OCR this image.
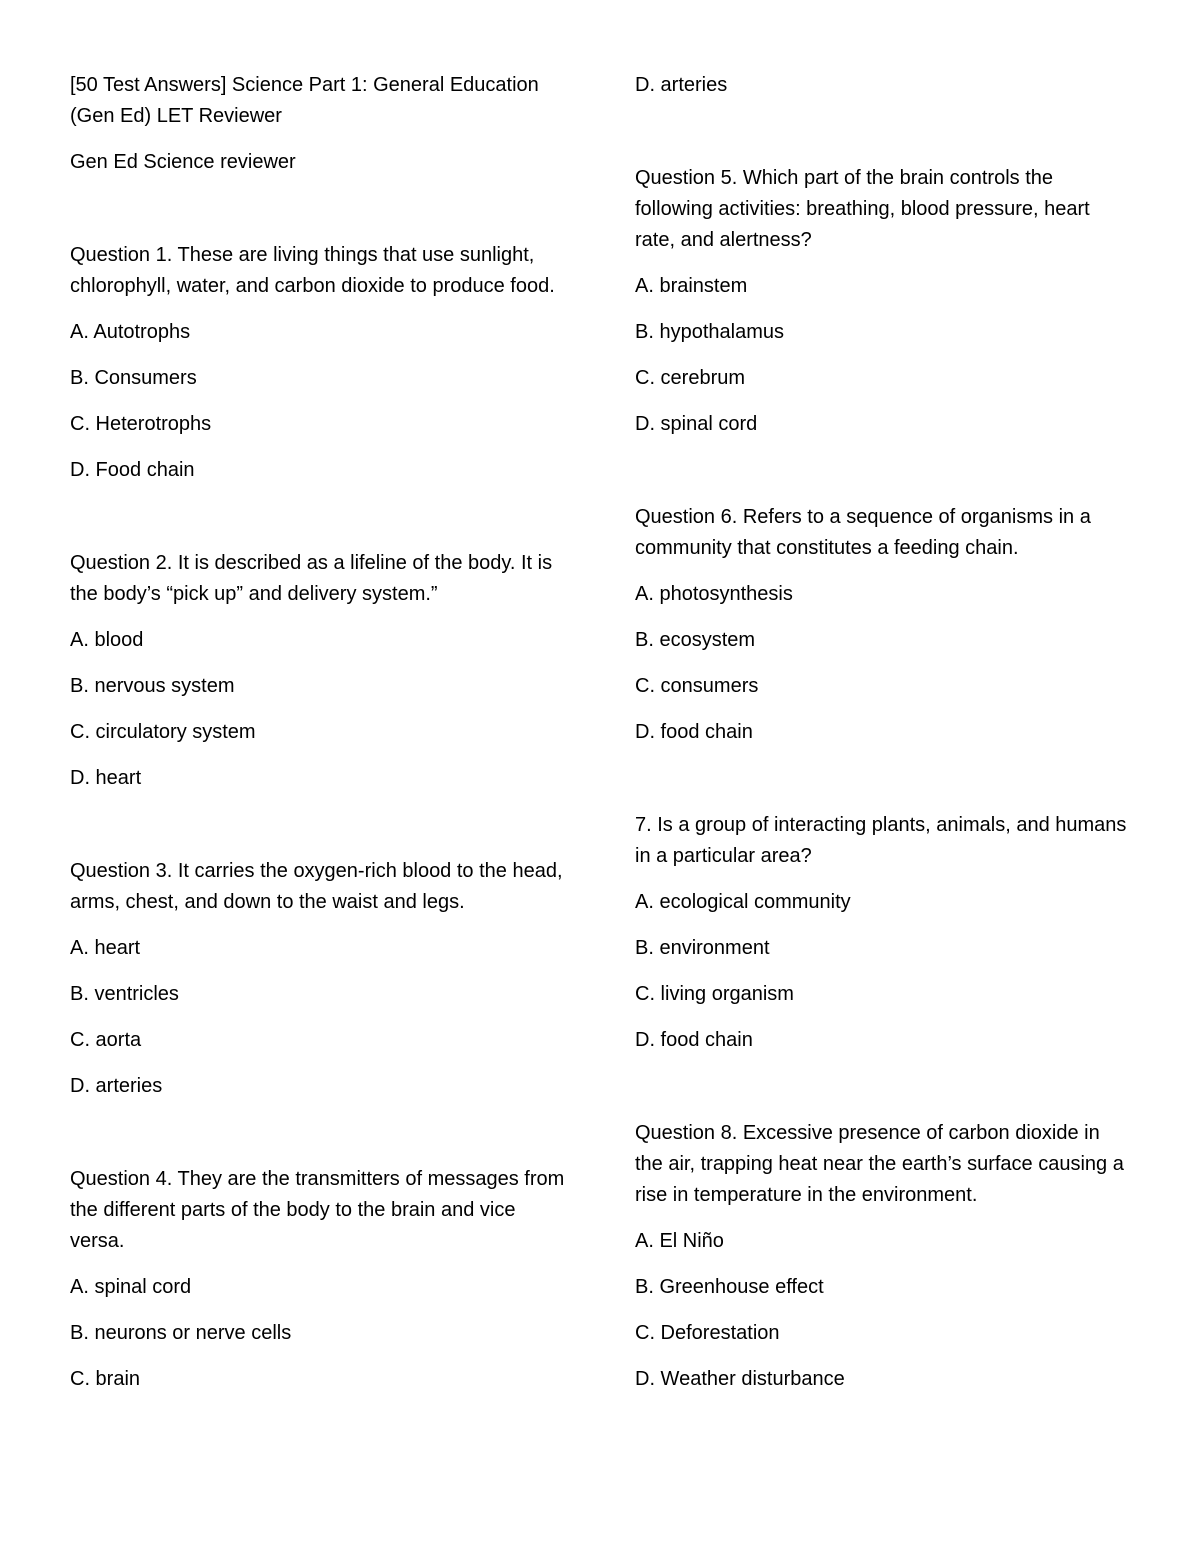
[50 Test Answers] Science Part 1: General Education (Gen Ed) LET Reviewer

Gen Ed Science reviewer

Question 1. These are living things that use sunlight, chlorophyll, water, and carbon dioxide to produce food.

A. Autotrophs

B. Consumers

C. Heterotrophs

D. Food chain

Question 2. It is described as a lifeline of the body. It is the body’s “pick up” and delivery system.”

A. blood

B. nervous system

C. circulatory system

D. heart

Question 3. It carries the oxygen-rich blood to the head, arms, chest, and down to the waist and legs.

A. heart

B. ventricles

C. aorta

D. arteries

Question 4. They are the transmitters of messages from the different parts of the body to the brain and vice versa.

A. spinal cord

B. neurons or nerve cells

C. brain

D. arteries

Question 5. Which part of the brain controls the following activities: breathing, blood pressure, heart rate, and alertness?

A. brainstem

B. hypothalamus

C. cerebrum

D. spinal cord

Question 6. Refers to a sequence of organisms in a community that constitutes a feeding chain.

A. photosynthesis

B. ecosystem

C. consumers

D. food chain

7. Is a group of interacting plants, animals, and humans in a particular area?

A. ecological community

B. environment

C. living organism

D. food chain

Question 8. Excessive presence of carbon dioxide in the air, trapping heat near the earth’s surface causing a rise in temperature in the environment.

A. El Niño

B. Greenhouse effect

C. Deforestation

D. Weather disturbance
